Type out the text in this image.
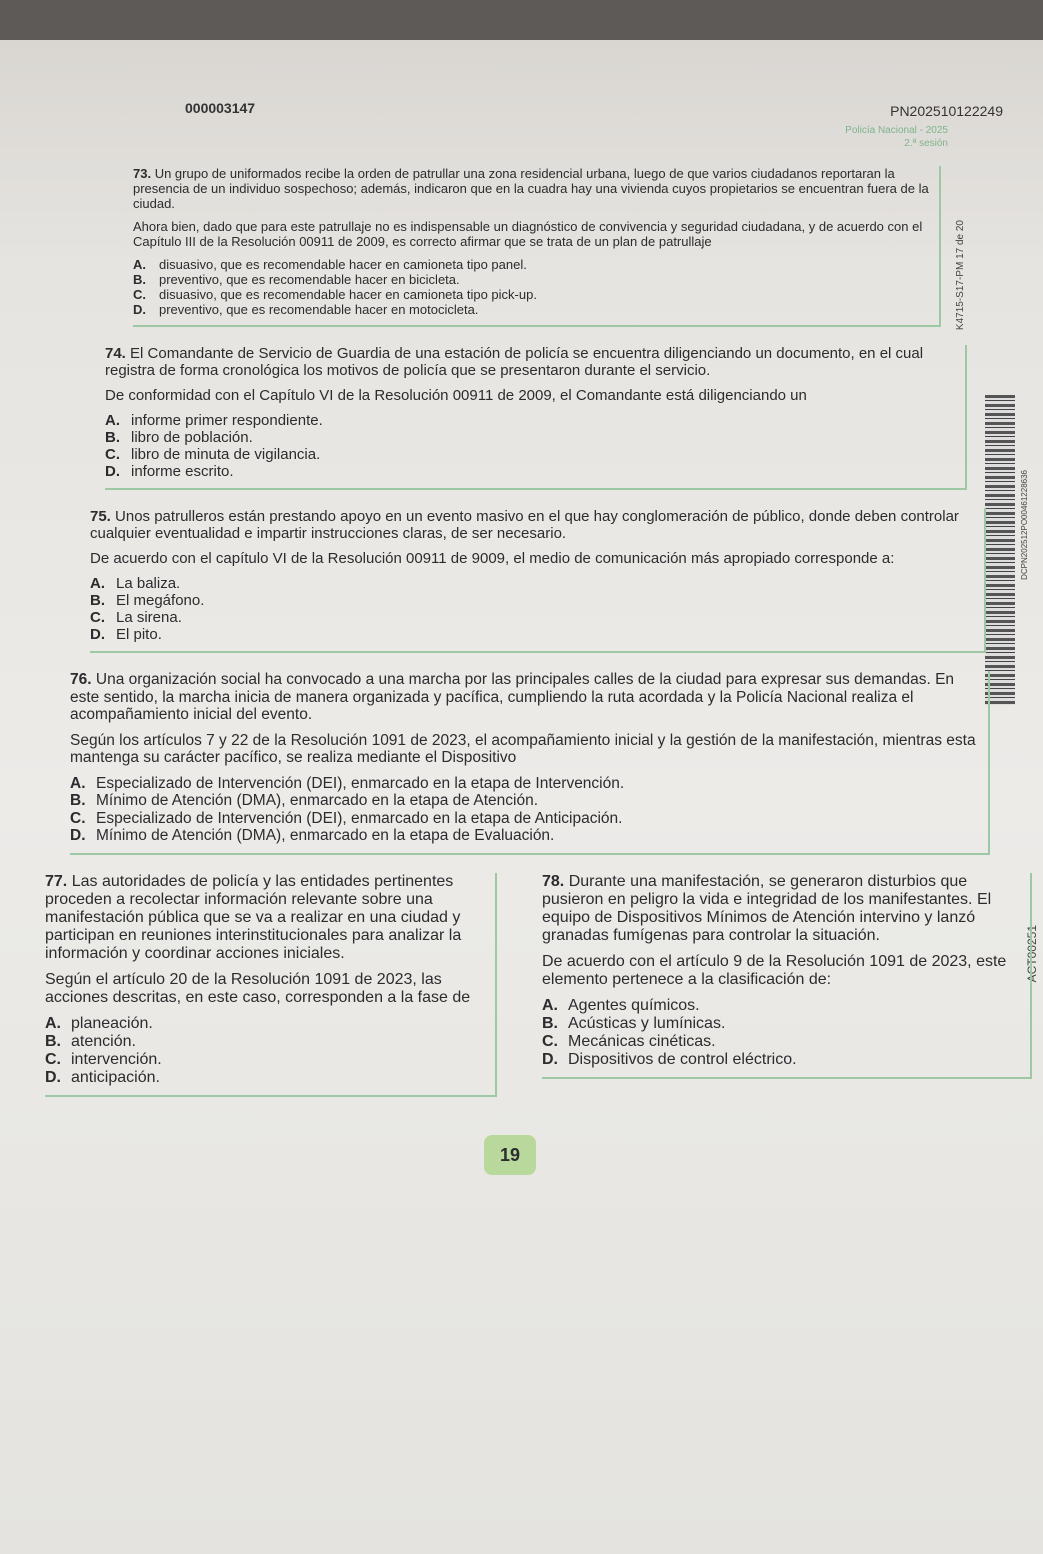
000003147	PN202510122249
Policía Nacional - 2025
2.ª sesión
K4715-S17-PM 17 de 20
DCPN202512PO00461228636
ACT00251

73. Un grupo de uniformados recibe la orden de patrullar una zona residencial urbana, luego de que varios ciudadanos reportaran la presencia de un individuo sospechoso; además, indicaron que en la cuadra hay una vivienda cuyos propietarios se encuentran fuera de la ciudad.

Ahora bien, dado que para este patrullaje no es indispensable un diagnóstico de convivencia y seguridad ciudadana, y de acuerdo con el Capítulo III de la Resolución 00911 de 2009, es correcto afirmar que se trata de un plan de patrullaje

A.	disuasivo, que es recomendable hacer en camioneta tipo panel.
B.	preventivo, que es recomendable hacer en bicicleta.
C.	disuasivo, que es recomendable hacer en camioneta tipo pick-up.
D.	preventivo, que es recomendable hacer en motocicleta.

74. El Comandante de Servicio de Guardia de una estación de policía se encuentra diligenciando un documento, en el cual registra de forma cronológica los motivos de policía que se presentaron durante el servicio.

De conformidad con el Capítulo VI de la Resolución 00911 de 2009, el Comandante está diligenciando un

A. informe primer respondiente.
B. libro de población.
C. libro de minuta de vigilancia.
D. informe escrito.

75. Unos patrulleros están prestando apoyo en un evento masivo en el que hay conglomeración de público, donde deben controlar cualquier eventualidad e impartir instrucciones claras, de ser necesario.

De acuerdo con el capítulo VI de la Resolución 00911 de 9009, el medio de comunicación más apropiado corresponde a:

A. La baliza.
B. El megáfono.
C. La sirena.
D. El pito.

76. Una organización social ha convocado a una marcha por las principales calles de la ciudad para expresar sus demandas. En este sentido, la marcha inicia de manera organizada y pacífica, cumpliendo la ruta acordada y la Policía Nacional realiza el acompañamiento inicial del evento.

Según los artículos 7 y 22 de la Resolución 1091 de 2023, el acompañamiento inicial y la gestión de la manifestación, mientras esta mantenga su carácter pacífico, se realiza mediante el Dispositivo

A. Especializado de Intervención (DEI), enmarcado en la etapa de Intervención.
B. Mínimo de Atención (DMA), enmarcado en la etapa de Atención.
C. Especializado de Intervención (DEI), enmarcado en la etapa de Anticipación.
D. Mínimo de Atención (DMA), enmarcado en la etapa de Evaluación.

77. Las autoridades de policía y las entidades pertinentes proceden a recolectar información relevante sobre una manifestación pública que se va a realizar en una ciudad y participan en reuniones interinstitucionales para analizar la información y coordinar acciones iniciales.

Según el artículo 20 de la Resolución 1091 de 2023, las acciones descritas, en este caso, corresponden a la fase de

A. planeación.
B. atención.
C. intervención.
D. anticipación.

78. Durante una manifestación, se generaron disturbios que pusieron en peligro la vida e integridad de los manifestantes. El equipo de Dispositivos Mínimos de Atención intervino y lanzó granadas fumígenas para controlar la situación.

De acuerdo con el artículo 9 de la Resolución 1091 de 2023, este elemento pertenece a la clasificación de:

A. Agentes químicos.
B. Acústicas y lumínicas.
C. Mecánicas cinéticas.
D. Dispositivos de control eléctrico.
19
